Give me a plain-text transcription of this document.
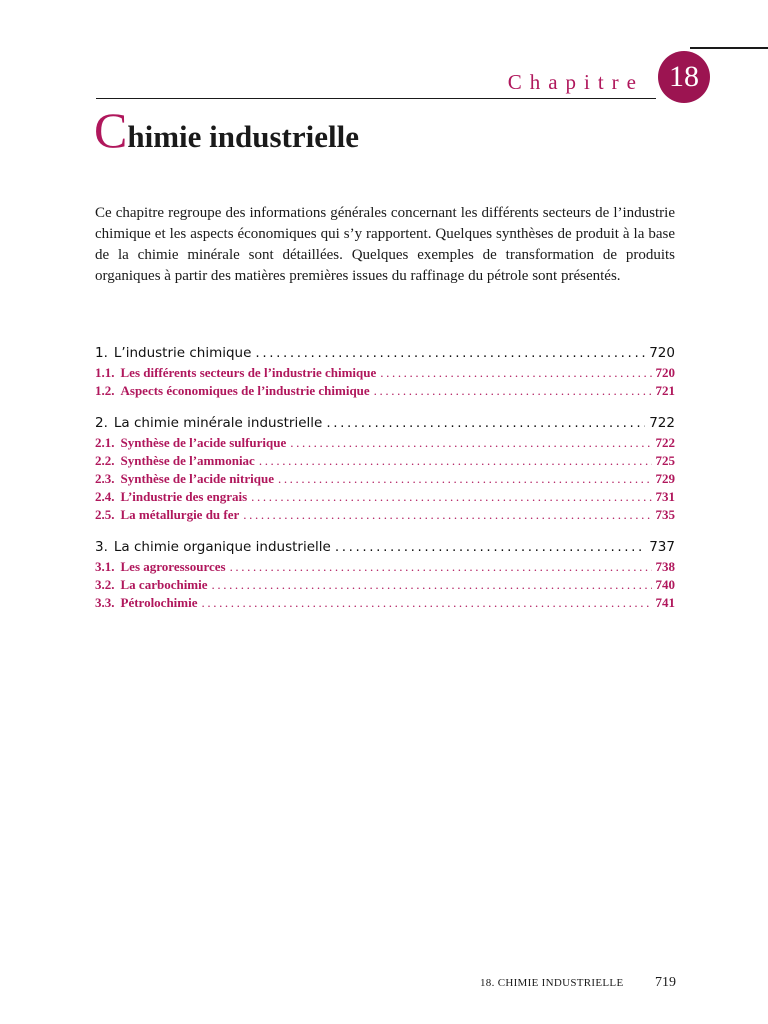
Chapitre 18
Chimie industrielle

Ce chapitre regroupe des informations générales concernant les différents secteurs de l’industrie chimique et les aspects économiques qui s’y rapportent. Quelques synthèses de produit à la base de la chimie minérale sont détaillées. Quelques exemples de transformation de produits organiques à partir des matières premières issues du raffinage du pétrole sont présentés.

1. L’industrie chimique .....	720
1.1. Les différents secteurs de l’industrie chimique .....	720
1.2. Aspects économiques de l’industrie chimique .....	721
2. La chimie minérale industrielle .....	722
2.1. Synthèse de l’acide sulfurique .....	722
2.2. Synthèse de l’ammoniac .....	725
2.3. Synthèse de l’acide nitrique .....	729
2.4. L’industrie des engrais .....	731
2.5. La métallurgie du fer .....	735
3. La chimie organique industrielle .....	737
3.1. Les agroressources .....	738
3.2. La carbochimie .....	740
3.3. Pétrolochimie .....	741
18. CHIMIE INDUSTRIELLE 719
